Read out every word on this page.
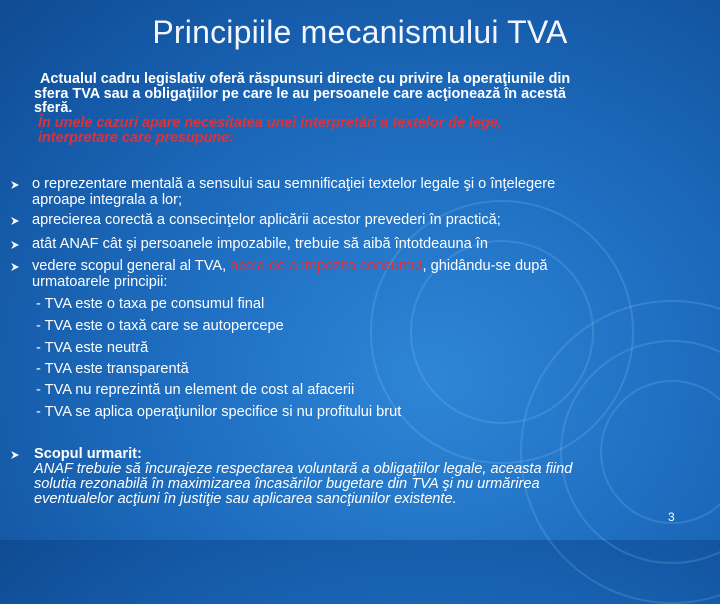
Principiile mecanismului TVA
Actualul cadru legislativ oferă răspunsuri directe cu privire la operaţiunile din
sfera TVA sau a obligaţiilor pe care le au persoanele care acţionează în acestă
sferă.
În unele cazuri apare necesitatea unei interpretări a textelor de lege,
interpretare care presupune:
o reprezentare mentală a sensului sau semnificaţiei textelor legale şi o înţelegere
aproape integrala a lor;
aprecierea corectă a consecinţelor aplicării acestor prevederi în practică;
atât ANAF cât şi persoanele impozabile, trebuie să aibă întotdeauna în
vedere scopul general al TVA, acela de a impozita consumul, ghidându-se după
urmatoarele principii:
- TVA este o taxa pe consumul final
- TVA este o taxă care se autopercepe
- TVA este neutră
- TVA este transparentă
- TVA nu reprezintă un element de cost al afacerii
- TVA se aplica operaţiunilor specifice si nu profitului brut
Scopul urmarit:
ANAF trebuie să încurajeze respectarea voluntară a obligaţiilor legale, aceasta fiind
solutia rezonabilă în maximizarea încasărilor bugetare din TVA şi nu urmărirea
eventualelor acţiuni în justiţie sau aplicarea sancţiunilor existente.
3
